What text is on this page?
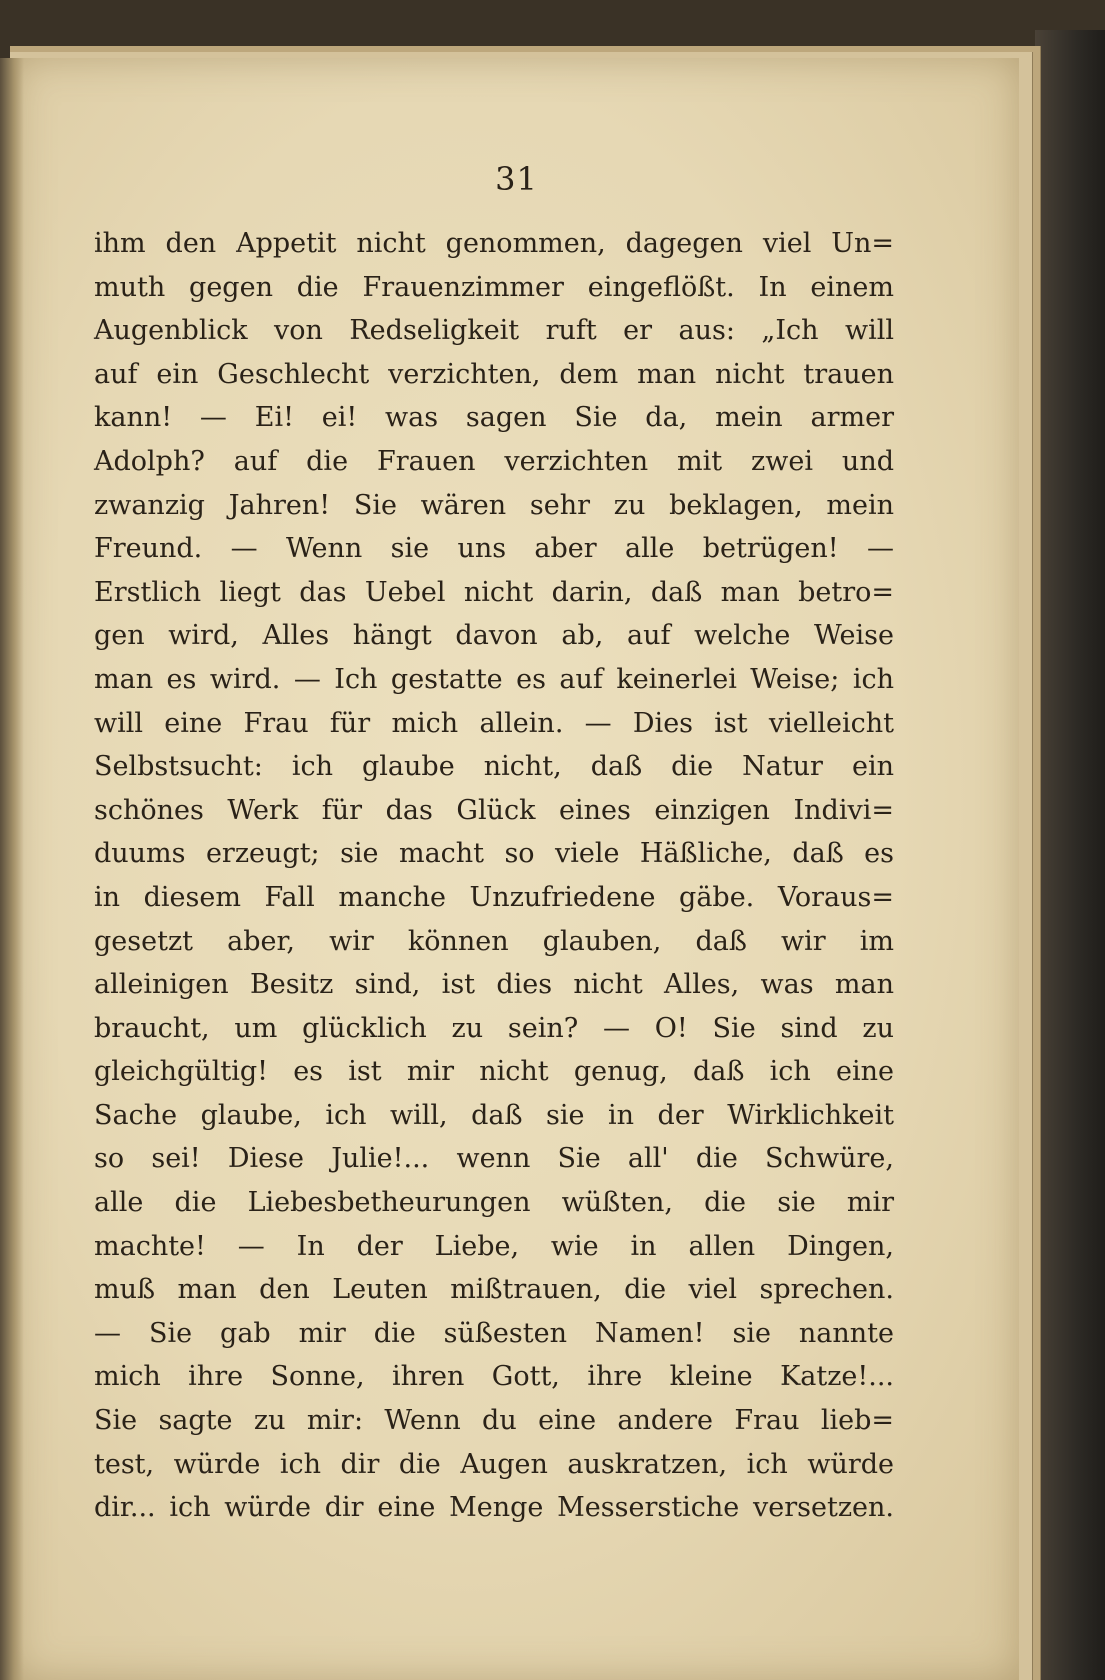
31
ihm den Appetit nicht genommen, dagegen viel Un=
muth gegen die Frauenzimmer eingeflößt. In einem
Augenblick von Redseligkeit ruft er aus: „Ich will
auf ein Geschlecht verzichten, dem man nicht trauen
kann! — Ei! ei! was sagen Sie da, mein armer
Adolph? auf die Frauen verzichten mit zwei und
zwanzig Jahren! Sie wären sehr zu beklagen, mein
Freund. — Wenn sie uns aber alle betrügen! —
Erstlich liegt das Uebel nicht darin, daß man betro=
gen wird, Alles hängt davon ab, auf welche Weise
man es wird. — Ich gestatte es auf keinerlei Weise; ich
will eine Frau für mich allein. — Dies ist vielleicht
Selbstsucht: ich glaube nicht, daß die Natur ein
schönes Werk für das Glück eines einzigen Indivi=
duums erzeugt; sie macht so viele Häßliche, daß es
in diesem Fall manche Unzufriedene gäbe. Voraus=
gesetzt aber, wir können glauben, daß wir im
alleinigen Besitz sind, ist dies nicht Alles, was man
braucht, um glücklich zu sein? — O! Sie sind zu
gleichgültig! es ist mir nicht genug, daß ich eine
Sache glaube, ich will, daß sie in der Wirklichkeit
so sei! Diese Julie!... wenn Sie all' die Schwüre,
alle die Liebesbetheurungen wüßten, die sie mir
machte! — In der Liebe, wie in allen Dingen,
muß man den Leuten mißtrauen, die viel sprechen.
— Sie gab mir die süßesten Namen! sie nannte
mich ihre Sonne, ihren Gott, ihre kleine Katze!...
Sie sagte zu mir: Wenn du eine andere Frau lieb=
test, würde ich dir die Augen auskratzen, ich würde
dir... ich würde dir eine Menge Messerstiche versetzen.
